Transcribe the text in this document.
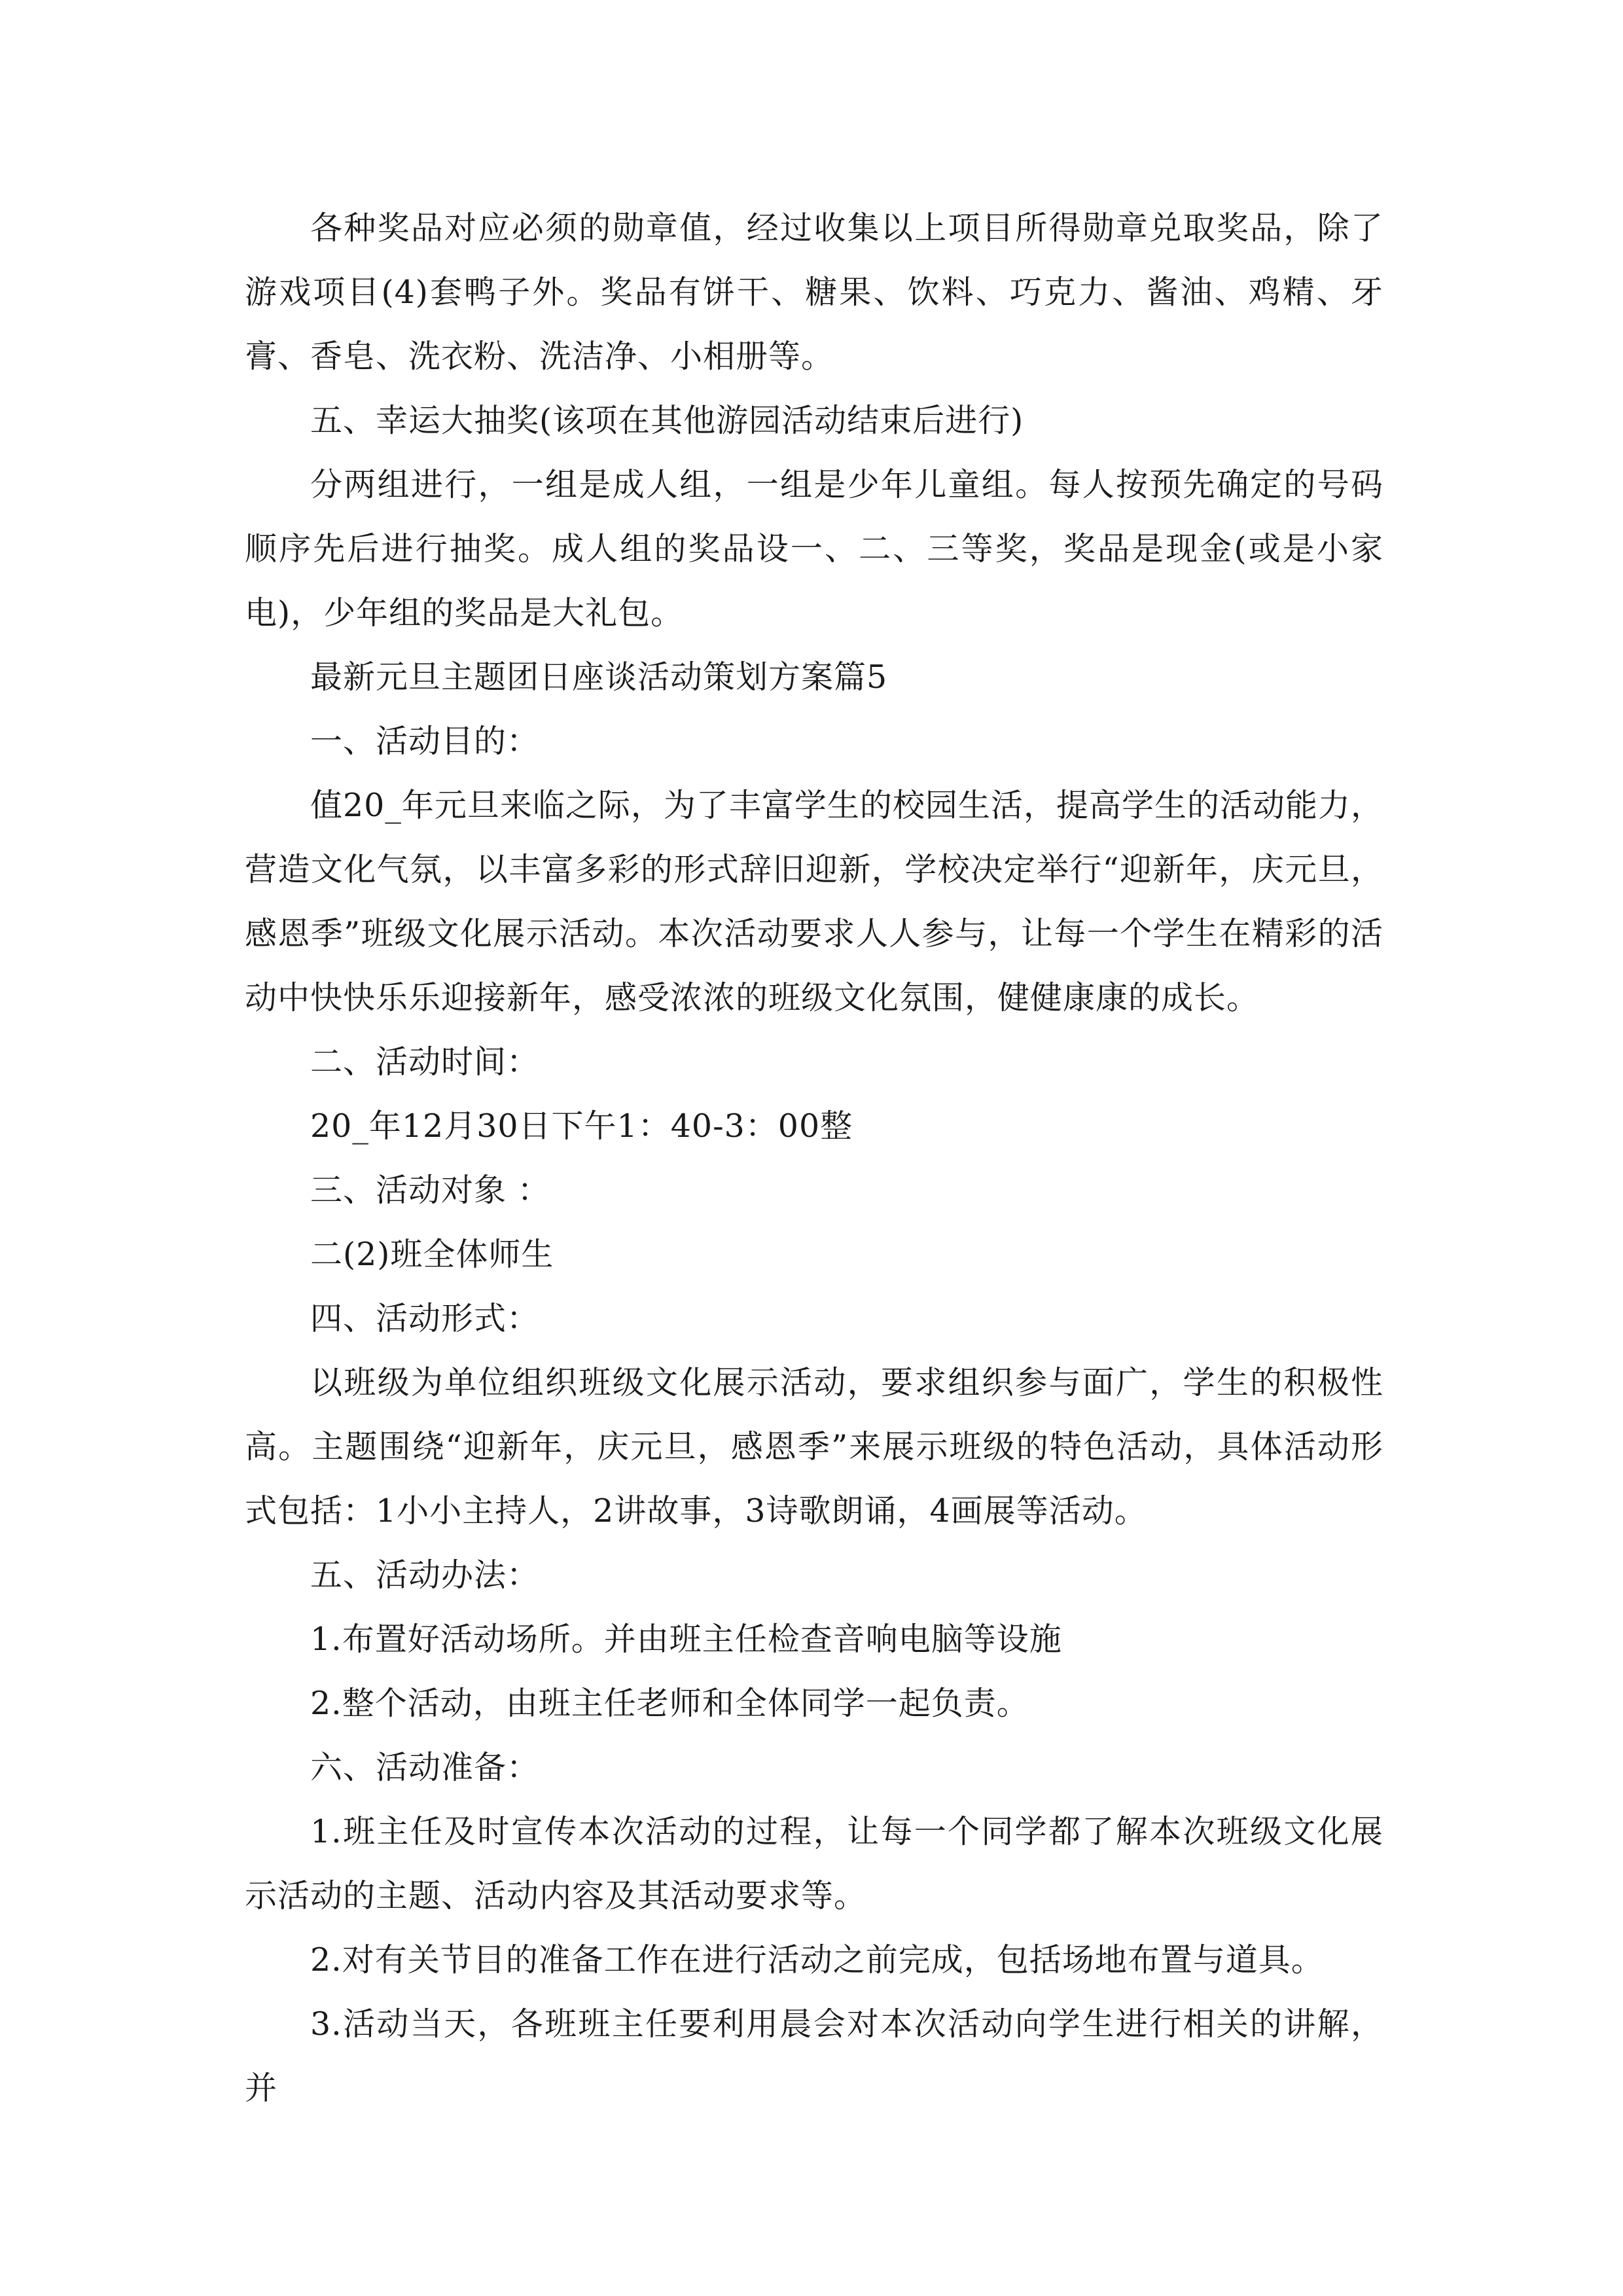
各种奖品对应必须的勋章值，经过收集以上项目所得勋章兑取奖品，除了游戏项目(4)套鸭子外。奖品有饼干、糖果、饮料、巧克力、酱油、鸡精、牙膏、香皂、洗衣粉、洗洁净、小相册等。

五、幸运大抽奖(该项在其他游园活动结束后进行)

分两组进行，一组是成人组，一组是少年儿童组。每人按预先确定的号码顺序先后进行抽奖。成人组的奖品设一、二、三等奖，奖品是现金(或是小家电)，少年组的奖品是大礼包。

最新元旦主题团日座谈活动策划方案篇5

一、活动目的：

值20_年元旦来临之际，为了丰富学生的校园生活，提高学生的活动能力，营造文化气氛，以丰富多彩的形式辞旧迎新，学校决定举行“迎新年，庆元旦，感恩季”班级文化展示活动。本次活动要求人人参与，让每一个学生在精彩的活动中快快乐乐迎接新年，感受浓浓的班级文化氛围，健健康康的成长。

二、活动时间：

20_年12月30日下午1：40-3：00整

三、活动对象 ：

二(2)班全体师生

四、活动形式：

以班级为单位组织班级文化展示活动，要求组织参与面广，学生的积极性高。主题围绕“迎新年，庆元旦，感恩季”来展示班级的特色活动，具体活动形式包括：1小小主持人，2讲故事，3诗歌朗诵，4画展等活动。

五、活动办法：

1.布置好活动场所。并由班主任检查音响电脑等设施

2.整个活动，由班主任老师和全体同学一起负责。

六、活动准备：

1.班主任及时宣传本次活动的过程，让每一个同学都了解本次班级文化展示活动的主题、活动内容及其活动要求等。

2.对有关节目的准备工作在进行活动之前完成，包括场地布置与道具。

3.活动当天，各班班主任要利用晨会对本次活动向学生进行相关的讲解，并
